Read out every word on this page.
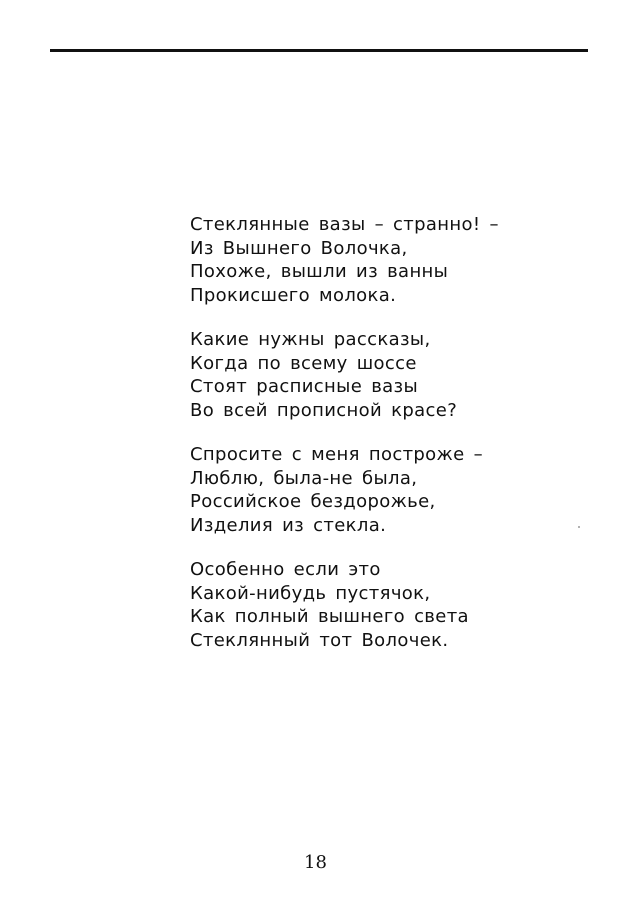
Стеклянные вазы – странно! –
Из Вышнего Волочка,
Похоже, вышли из ванны
Прокисшего молока.
Какие нужны рассказы,
Когда по всему шоссе
Стоят расписные вазы
Во всей прописной красе?
Спросите с меня построже –
Люблю, была-не была,
Российское бездорожье,
Изделия из стекла.
Особенно если это
Какой-нибудь пустячок,
Как полный вышнего света
Стеклянный тот Волочек.
18
